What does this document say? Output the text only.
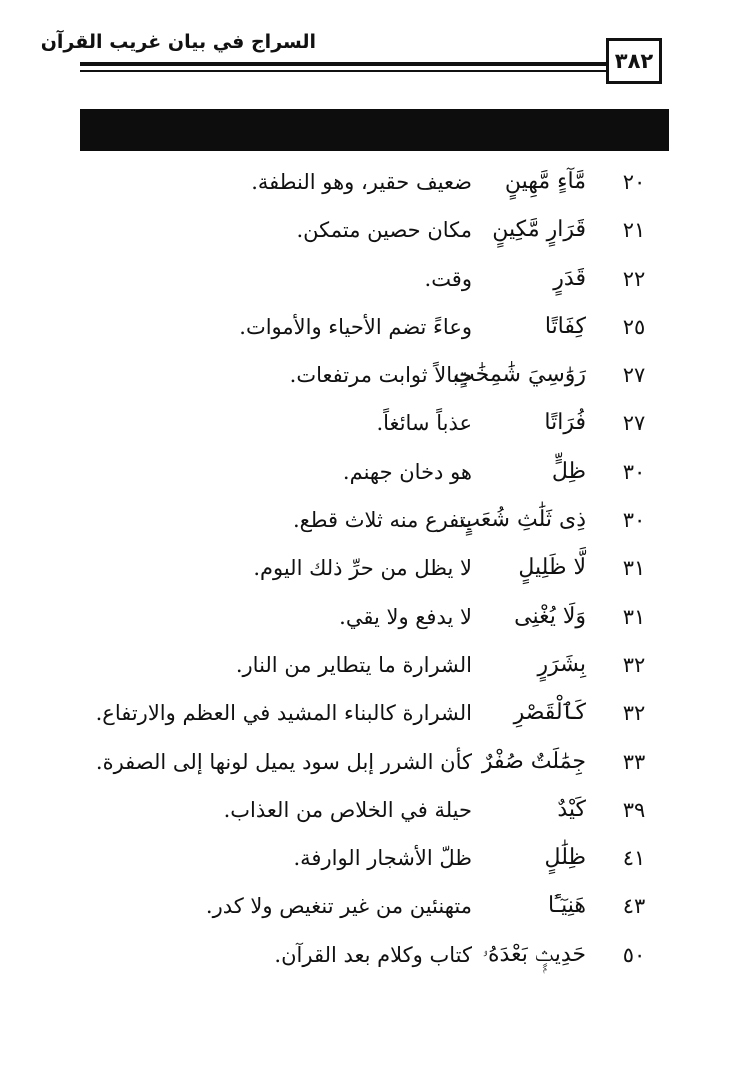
السراج في بيان غريب القرآن
٣٨٢
٢٠
مَّآءٍ مَّهِينٍ
ضعيف حقير، وهو النطفة.
٢١
قَرَارٍ مَّكِينٍ
مكان حصين متمكن.
٢٢
قَدَرٍ
وقت.
٢٥
كِفَاتًا
وعاءً تضم الأحياء والأموات.
٢٧
رَوَٰسِيَ شَٰمِخَٰتٍ
جبالاً ثوابت مرتفعات.
٢٧
فُرَاتًا
عذباً سائغاً.
٣٠
ظِلٍّ
هو دخان جهنم.
٣٠
ذِى ثَلَٰثِ شُعَبٍ
يتفرع منه ثلاث قطع.
٣١
لَّا ظَلِيلٍ
لا يظل من حرِّ ذلك اليوم.
٣١
وَلَا يُغْنِى
لا يدفع ولا يقي.
٣٢
بِشَرَرٍ
الشرارة ما يتطاير من النار.
٣٢
كَٱلْقَصْرِ
الشرارة كالبناء المشيد في العظم والارتفاع.
٣٣
جِمَٰلَتٌ صُفْرٌ
كأن الشرر إبل سود يميل لونها إلى الصفرة.
٣٩
كَيْدٌ
حيلة في الخلاص من العذاب.
٤١
ظِلَٰلٍ
ظلّ الأشجار الوارفة.
٤٣
هَنِيٓـًٔا
متهنئين من غير تنغيص ولا كدر.
٥٠
حَدِيثٍۭ بَعْدَهُۥ
كتاب وكلام بعد القرآن.
